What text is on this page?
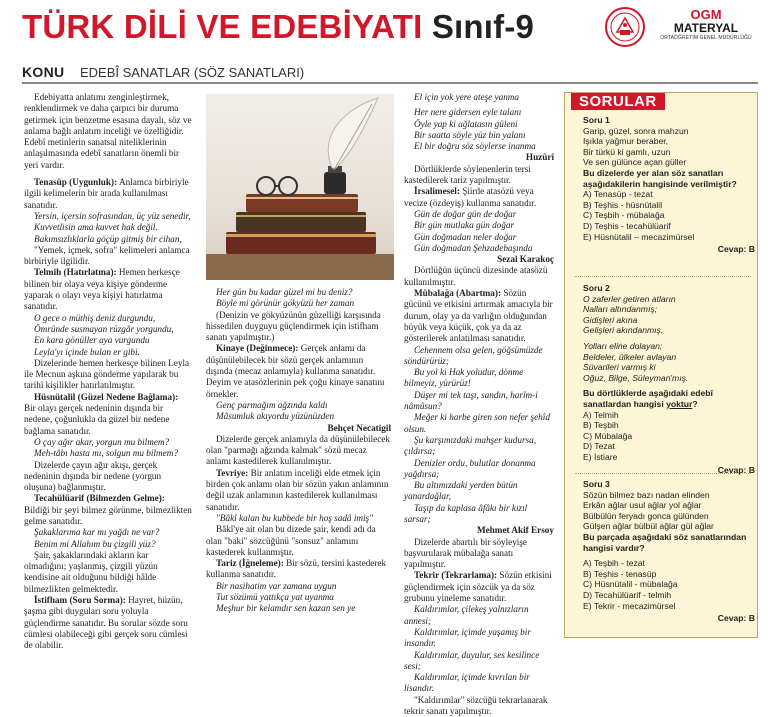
TÜRK DİLİ VE EDEBİYATI Sınıf-9	OGM
MATERYAL
ORTAÖĞRETİM GENEL MÜDÜRLÜĞÜ
KONU EDEBÎ SANATLAR (SÖZ SANATLARI)

Edebiyatta anlatımı zenginleştirmek, renklendirmek ve daha çarpıcı bir duruma getirmek için benzetme esasına dayalı, söz ve anlama bağlı anlatım inceliği ve özelliğidir. Edebî metinlerin sanatsal niteliklerinin anlaşılmasında edebî sanatların önemli bir yeri vardır.

Tenasüp (Uygunluk): Anlamca birbiriyle ilgili kelimelerin bir arada kullanılması sanatıdır.

Yersin, içersin sofrasından, üç yüz senedir,

Kuvvetlisin ama kuvvet hak değil.

Bakımsızlıklarla göçüp gitmiş bir cihan,

"Yemek, içmek, sofra" kelimeleri anlamca birbiriyle ilgilidir.

Telmih (Hatırlatma): Hemen herkesçe bilinen bir olaya veya kişiye gönderme yaparak o olayı veya kişiyi hatırlatma sanatıdır.

O gece o müthiş deniz durgundu,

Ömründe susmayan rüzgâr yorgundu,

En kara gönüller aya vurgundu

Leyla'yı içinde bulan er gibi.

Dizelerinde hemen herkesçe bilinen Leyla ile Mecnun aşkına gönderme yapılarak bu tarihî kişilikler hatırlatılmıştır.

Hüsnütalil (Güzel Nedene Bağlama): Bir olayı gerçek nedeninin dışında bir nedene, çoğunlukla da güzel bir nedene bağlama sanatıdır.

O çay ağır akar, yorgun mu bilmem?

Meh-tâbı hasta mı, solgun mu bilmem?

Dizelerde çayın ağır akışı, gerçek nedeninin dışında bir nedene (yorgun oluşuna) bağlanmıştır.

Tecahülüarif (Bilmezden Gelme): Bildiği bir şeyi bilmez görünme, bilmezlikten gelme sanatıdır.

Şakaklarıma kar mı yağdı ne var?

Benim mi Allahım bu çizgili yüz?

Şair, şakaklarındaki akların kar olmadığını; yaşlanmış, çizgili yüzün kendisine ait olduğunu bildiği hâlde bilmezlikten gelmektedir.

İstifham (Soru Sorma): Hayret, hüzün, şaşma gibi duyguları soru yoluyla güçlendirme sanatıdır. Bu sorular sözde soru cümlesi olabileceği gibi gerçek soru cümlesi de olabilir.

Her gün bu kadar güzel mi bu deniz?

Böyle mi görünür gökyüzü her zaman

(Denizin ve gökyüzünün güzelliği karşısında hissedilen duyguyu güçlendirmek için istifham sanatı yapılmıştır.)

Kinaye (Değinmece): Gerçek anlamı da düşünülebilecek bir sözü gerçek anlamının dışında (mecaz anlamıyla) kullanma sanatıdır. Deyim ve atasözlerinin pek çoğu kinaye sanatını örnekler.

Genç parmağım ağzında kaldı

Mâsumluk akıyordu yüzünüzden

Behçet Necatigil

Dizelerde gerçek anlamıyla da düşünülebilecek olan "parmağı ağzında kalmak" sözü mecaz anlamı kastedilerek kullanılmıştır.

Tevriye: Bir anlatım inceliği elde etmek için birden çok anlamı olan bir sözün yakın anlamının değil uzak anlamının kastedilerek kullanılması sanatıdır.

"Bâkî kalan bu kubbede bir hoş sadâ imiş"

Bâkî'ye ait olan bu dizede şair, kendi adı da olan "baki" sözcüğünü "sonsuz" anlamını kastederek kullanmıştır.

Tariz (İğneleme): Bir sözü, tersini kastederek kullanma sanatıdır.

Bir nasihatim var zamana uygun

Tut sözümü yattıkça yat uyanma

Meşhur bir kelamdır sen kazan sen ye

El için yok yere ateşe yanma

Her nere gidersen eyle talanı

Öyle yap ki ağlatasın güleni

Bir saatta söyle yüz bin yalanı

El bir doğru söz söylerse inanma

Huzûrî

Dörtlüklerde söylenenlerin tersi kastedilerek tariz yapılmıştır.

İrsalimesel: Şiirde atasözü veya vecize (özdeyiş) kullanma sanatıdır.

Gün de doğar gün de doğar

Bir gün mutlaka gün doğar

Gün doğmadan neler doğar

Gün doğmadan Şehzadebaşında

Sezai Karakoç

Dörtlüğün üçüncü dizesinde atasözü kullanılmıştır.

Mübalağa (Abartma): Sözün gücünü ve etkisini artırmak amacıyla bir durum, olay ya da varlığın olduğundan büyük veya küçük, çok ya da az gösterilerek anlatılması sanatıdır.

Cehennem olsa gelen, göğsümüzde söndürürüz;

Bu yol ki Hak yoludur, dönme bilmeyiz, yürürüz!

Düşer mi tek taşı, sandın, harîm-i nâmûsun?

Meğer ki harbe giren son nefer şehîd olsun.

Şu karşımızdaki mahşer kudursa, çıldırsa;

Denizler ordu, bulutlar donanma yağdırsa;

Bu altımızdaki yerden bütün yanardağlar,

Taşıp da kaplasa âfâkı bir kızıl sarsar;

Mehmet Akif Ersoy

Dizelerde abartılı bir söyleyişe başvurularak mübalağa sanatı yapılmıştır.

Tekrir (Tekrarlama): Sözün etkisini güçlendirmek için sözcük ya da söz grubunu yineleme sanatıdır.

Kaldırımlar, çilekeş yalnızların annesi;

Kaldırımlar, içimde yaşamış bir insandır.

Kaldırımlar, duyulur, ses kesilince sesi;

Kaldırımlar, içimde kıvrılan bir lisandır.

"Kaldırımlar" sözcüğü tekrarlanarak tekrir sanatı yapılmıştır.

SORULAR
Soru 1
Garip, güzel, sonra mahzun
Işıkla yağmur beraber,
Bir türkü ki gamlı, uzun
Ve sen gülünce açan güller
Bu dizelerde yer alan söz sanatları aşağıdakilerin hangisinde verilmiştir?
A) Tenasüp - tezat
B) Teşhis - hüsnütalil
C) Teşbih - mübalağa
D) Teşhis - tecahülüarif
E) Hüsnütalil – mecazimürsel
Cevap: B
Soru 2
O zaferler getiren atların
Nalları altındanmış;
Gidişleri akına
Gelişleri akındanmış.
Yolları eline dolayan;
Beldeler, ülkeler avlayan
Süvarileri varmış ki
Oğuz, Bilge, Süleyman'mış.
Bu dörtlüklerde aşağıdaki edebî sanatlardan hangisi yoktur?
A) Telmih
B) Teşbih
C) Mübalağa
D) Tezat
E) İstiare
Cevap: B
Soru 3
Sözün bilmez bazı nadan elinden
Erkân ağlar usul ağlar yol ağlar
Bülbülün feryadı gonca gülünden
Gülşen ağlar bülbül ağlar gül ağlar
Bu parçada aşağıdaki söz sanatlarından hangisi vardır?
A) Teşbih - tezat
B) Teşhis - tenasüp
C) Hüsnütalil - mübalağa
D) Tecahülüarif - telmih
E) Tekrir - mecazimürsel
Cevap: B
